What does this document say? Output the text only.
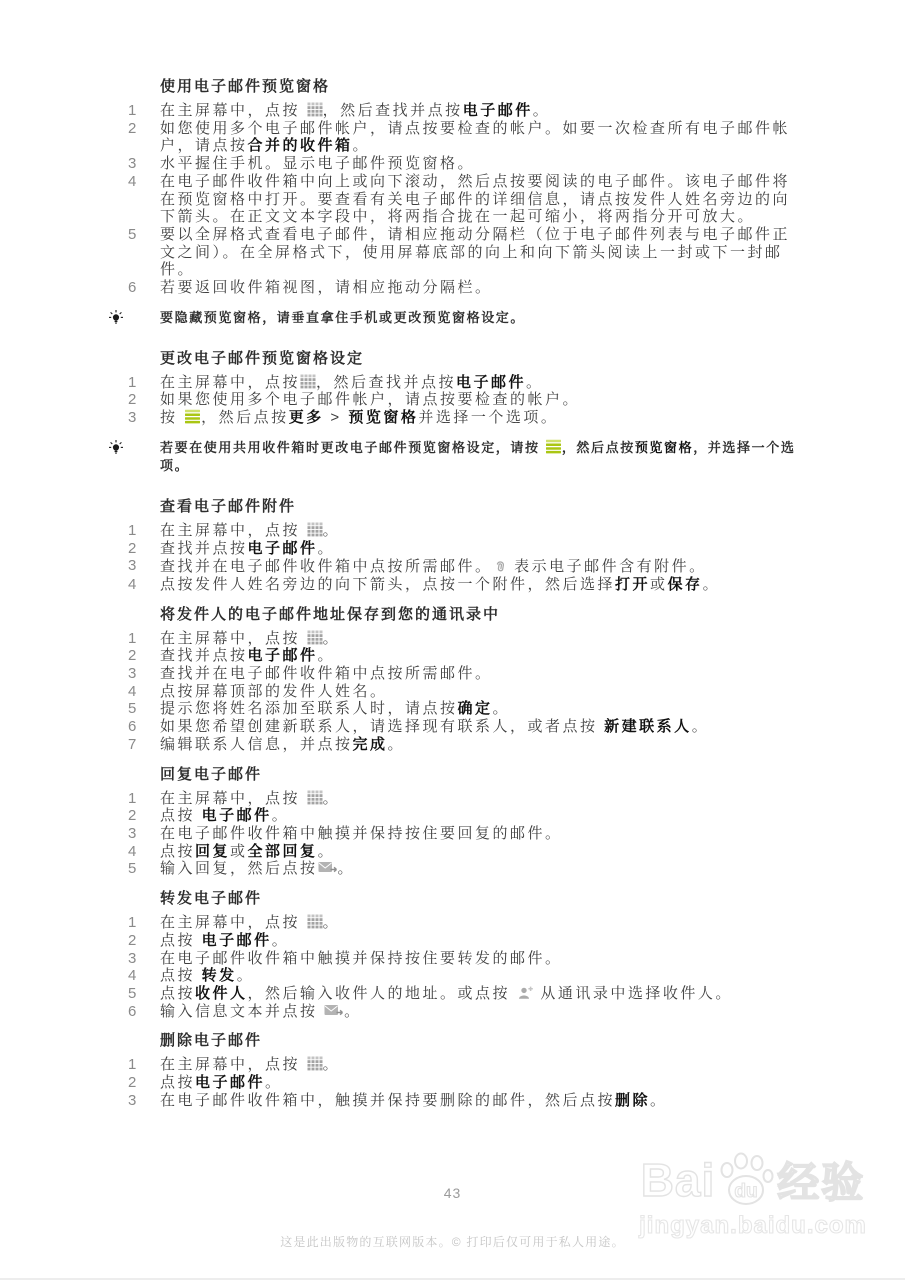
使用电子邮件预览窗格
1	在主屏幕中，点按 ，然后查找并点按电子邮件。
2	如您使用多个电子邮件帐户，请点按要检查的帐户。如要一次检查所有电子邮件帐户，请点按合并的收件箱。
3	水平握住手机。显示电子邮件预览窗格。
4	在电子邮件收件箱中向上或向下滚动，然后点按要阅读的电子邮件。该电子邮件将在预览窗格中打开。要查看有关电子邮件的详细信息，请点按发件人姓名旁边的向下箭头。在正文文本字段中，将两指合拢在一起可缩小，将两指分开可放大。
5	要以全屏格式查看电子邮件，请相应拖动分隔栏（位于电子邮件列表与电子邮件正文之间）。在全屏格式下，使用屏幕底部的向上和向下箭头阅读上一封或下一封邮件。
6	若要返回收件箱视图，请相应拖动分隔栏。
要隐藏预览窗格，请垂直拿住手机或更改预览窗格设定。
更改电子邮件预览窗格设定
1	在主屏幕中，点按 ，然后查找并点按电子邮件。
2	如果您使用多个电子邮件帐户，请点按要检查的帐户。
3	按 ，然后点按更多 > 预览窗格并选择一个选项。
若要在使用共用收件箱时更改电子邮件预览窗格设定，请按 ，然后点按预览窗格，并选择一个选项。
查看电子邮件附件
1	在主屏幕中，点按 。
2	查找并点按电子邮件。
3	查找并在电子邮件收件箱中点按所需邮件。 表示电子邮件含有附件。
4	点按发件人姓名旁边的向下箭头，点按一个附件，然后选择打开或保存。
将发件人的电子邮件地址保存到您的通讯录中
1	在主屏幕中，点按 。
2	查找并点按电子邮件。
3	查找并在电子邮件收件箱中点按所需邮件。
4	点按屏幕顶部的发件人姓名。
5	提示您将姓名添加至联系人时，请点按确定。
6	如果您希望创建新联系人，请选择现有联系人，或者点按 新建联系人。
7	编辑联系人信息，并点按完成。
回复电子邮件
1	在主屏幕中，点按 。
2	点按 电子邮件。
3	在电子邮件收件箱中触摸并保持按住要回复的邮件。
4	点按回复或全部回复。
5	输入回复，然后点按 。
转发电子邮件
1	在主屏幕中，点按 。
2	点按 电子邮件。
3	在电子邮件收件箱中触摸并保持按住要转发的邮件。
4	点按 转发。
5	点按收件人，然后输入收件人的地址。或点按  从通讯录中选择收件人。
6	输入信息文本并点按 。
删除电子邮件
1	在主屏幕中，点按 。
2	点按电子邮件。
3	在电子邮件收件箱中，触摸并保持要删除的邮件，然后点按删除。
43
这是此出版物的互联网版本。© 打印后仅可用于私人用途。
Bai du 经验
jingyan.baidu.com
